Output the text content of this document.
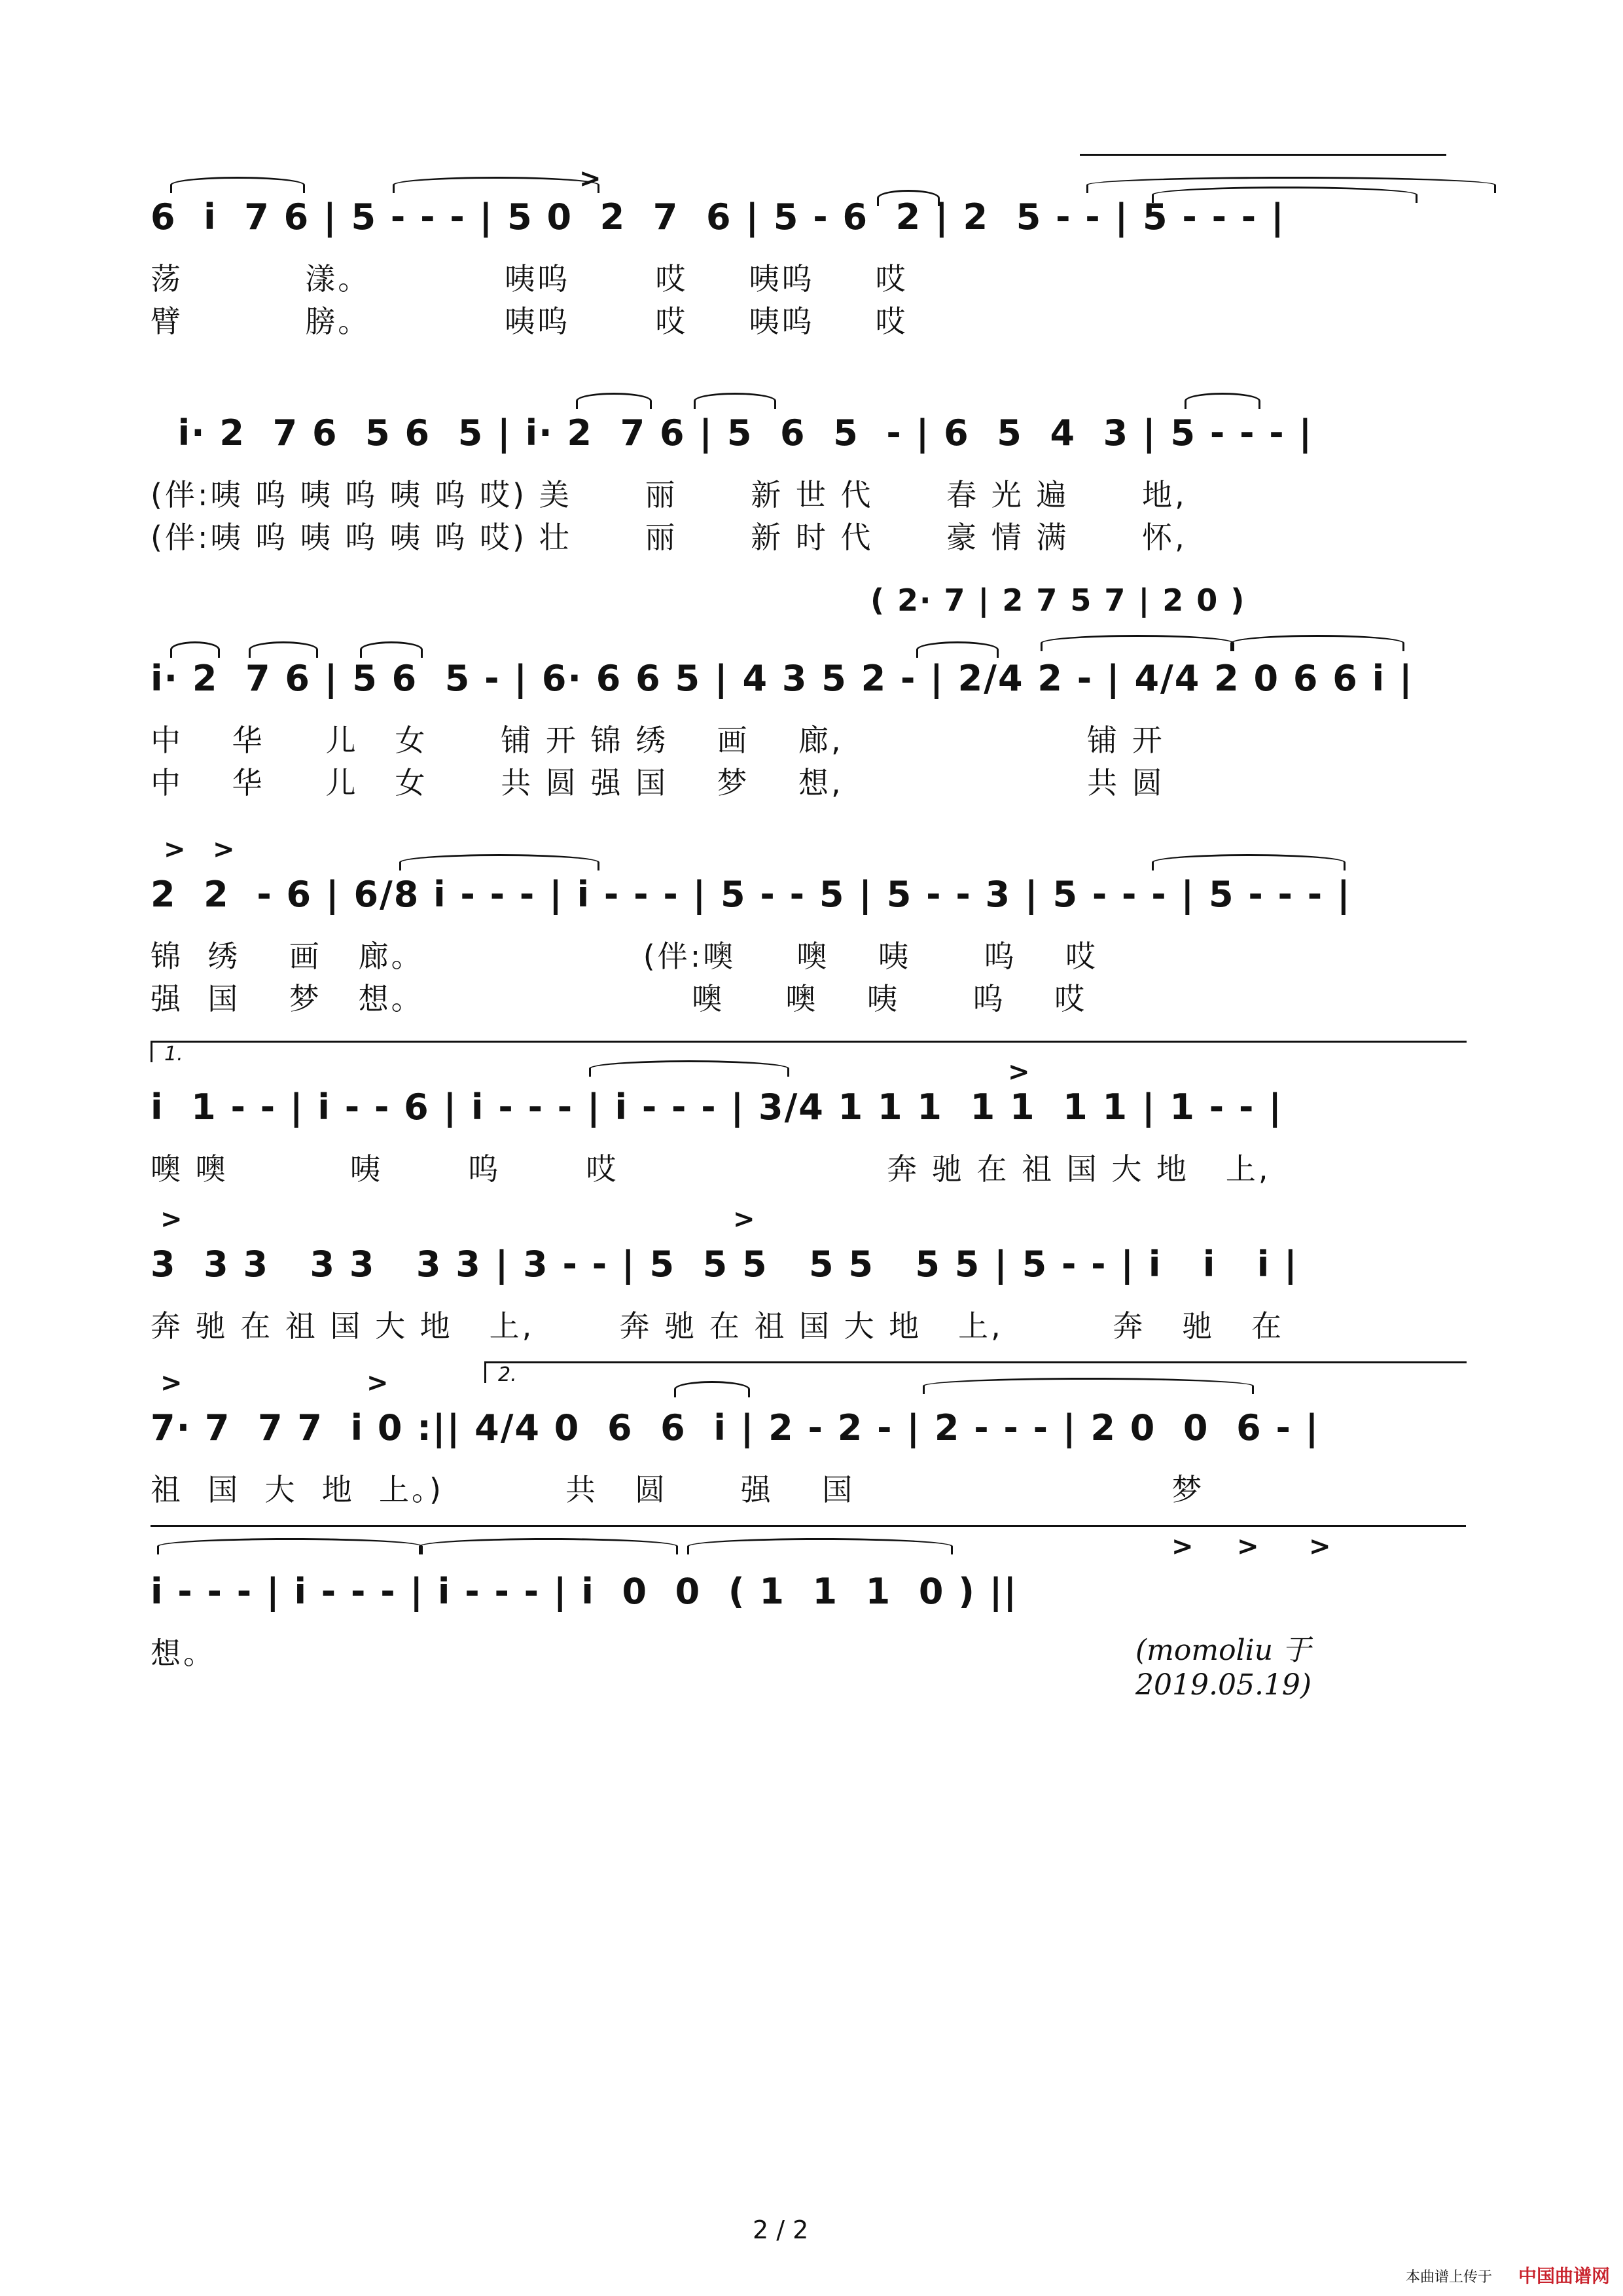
>
6  i  7 6 | 5 - - - | 5 0  2  7  6 | 5 - 6  2 | 2  5 - - | 5 - - - |
荡          漾。           咦呜       哎     咦呜     哎
臂          膀。           咦呜       哎     咦呜     哎
i· 2  7 6  5 6  5 | i· 2  7 6 | 5  6  5  - | 6  5  4  3 | 5 - - - |
(伴:咦 呜 咦 呜 咦 呜 哎) 美      丽      新 世 代      春 光 遍      地,
(伴:咦 呜 咦 呜 咦 呜 哎) 壮      丽      新 时 代      豪 情 满      怀,
( 2· 7 | 2 7 5 7 | 2 0 )
i· 2  7 6 | 5 6  5 - | 6· 6 6 5 | 4 3 5 2 - | 2/4 2 - | 4/4 2 0 6 6 i |
中    华     儿   女      铺 开 锦 绣    画    廊,                    铺 开
中    华     儿   女      共 圆 强 国    梦    想,                    共 圆
> >
2  2  - 6 | 6/8 i - - - | i - - - | 5 - - 5 | 5 - - 3 | 5 - - - | 5 - - - |
锦  绣    画   廊。                  (伴:噢     噢    咦      呜    哎
强  国    梦   想。                      噢     噢    咦      呜    哎
1.
>
i  1 - - | i - - 6 | i - - - | i - - - | 3/4 1 1 1  1 1  1 1 | 1 - - |
噢 噢          咦       呜       哎                      奔 驰 在 祖 国 大 地   上,
>	>
3  3 3   3 3   3 3 | 3 - - | 5  5 5   5 5   5 5 | 5 - - | i   i   i |
奔 驰 在 祖 国 大 地   上,       奔 驰 在 祖 国 大 地   上,         奔   驰   在
2.
>	>
7· 7  7 7  i 0 :|| 4/4 0  6  6  i | 2 - 2 - | 2 - - - | 2 0  0  6 - |
祖  国  大  地  上。)          共   圆      强    国                          梦
> > >
i - - - | i - - - | i - - - | i  0  0  ( 1  1  1  0 ) ||
想。	(momoliu 于2019.05.19)
2 / 2
本曲谱上传于 中国曲谱网
